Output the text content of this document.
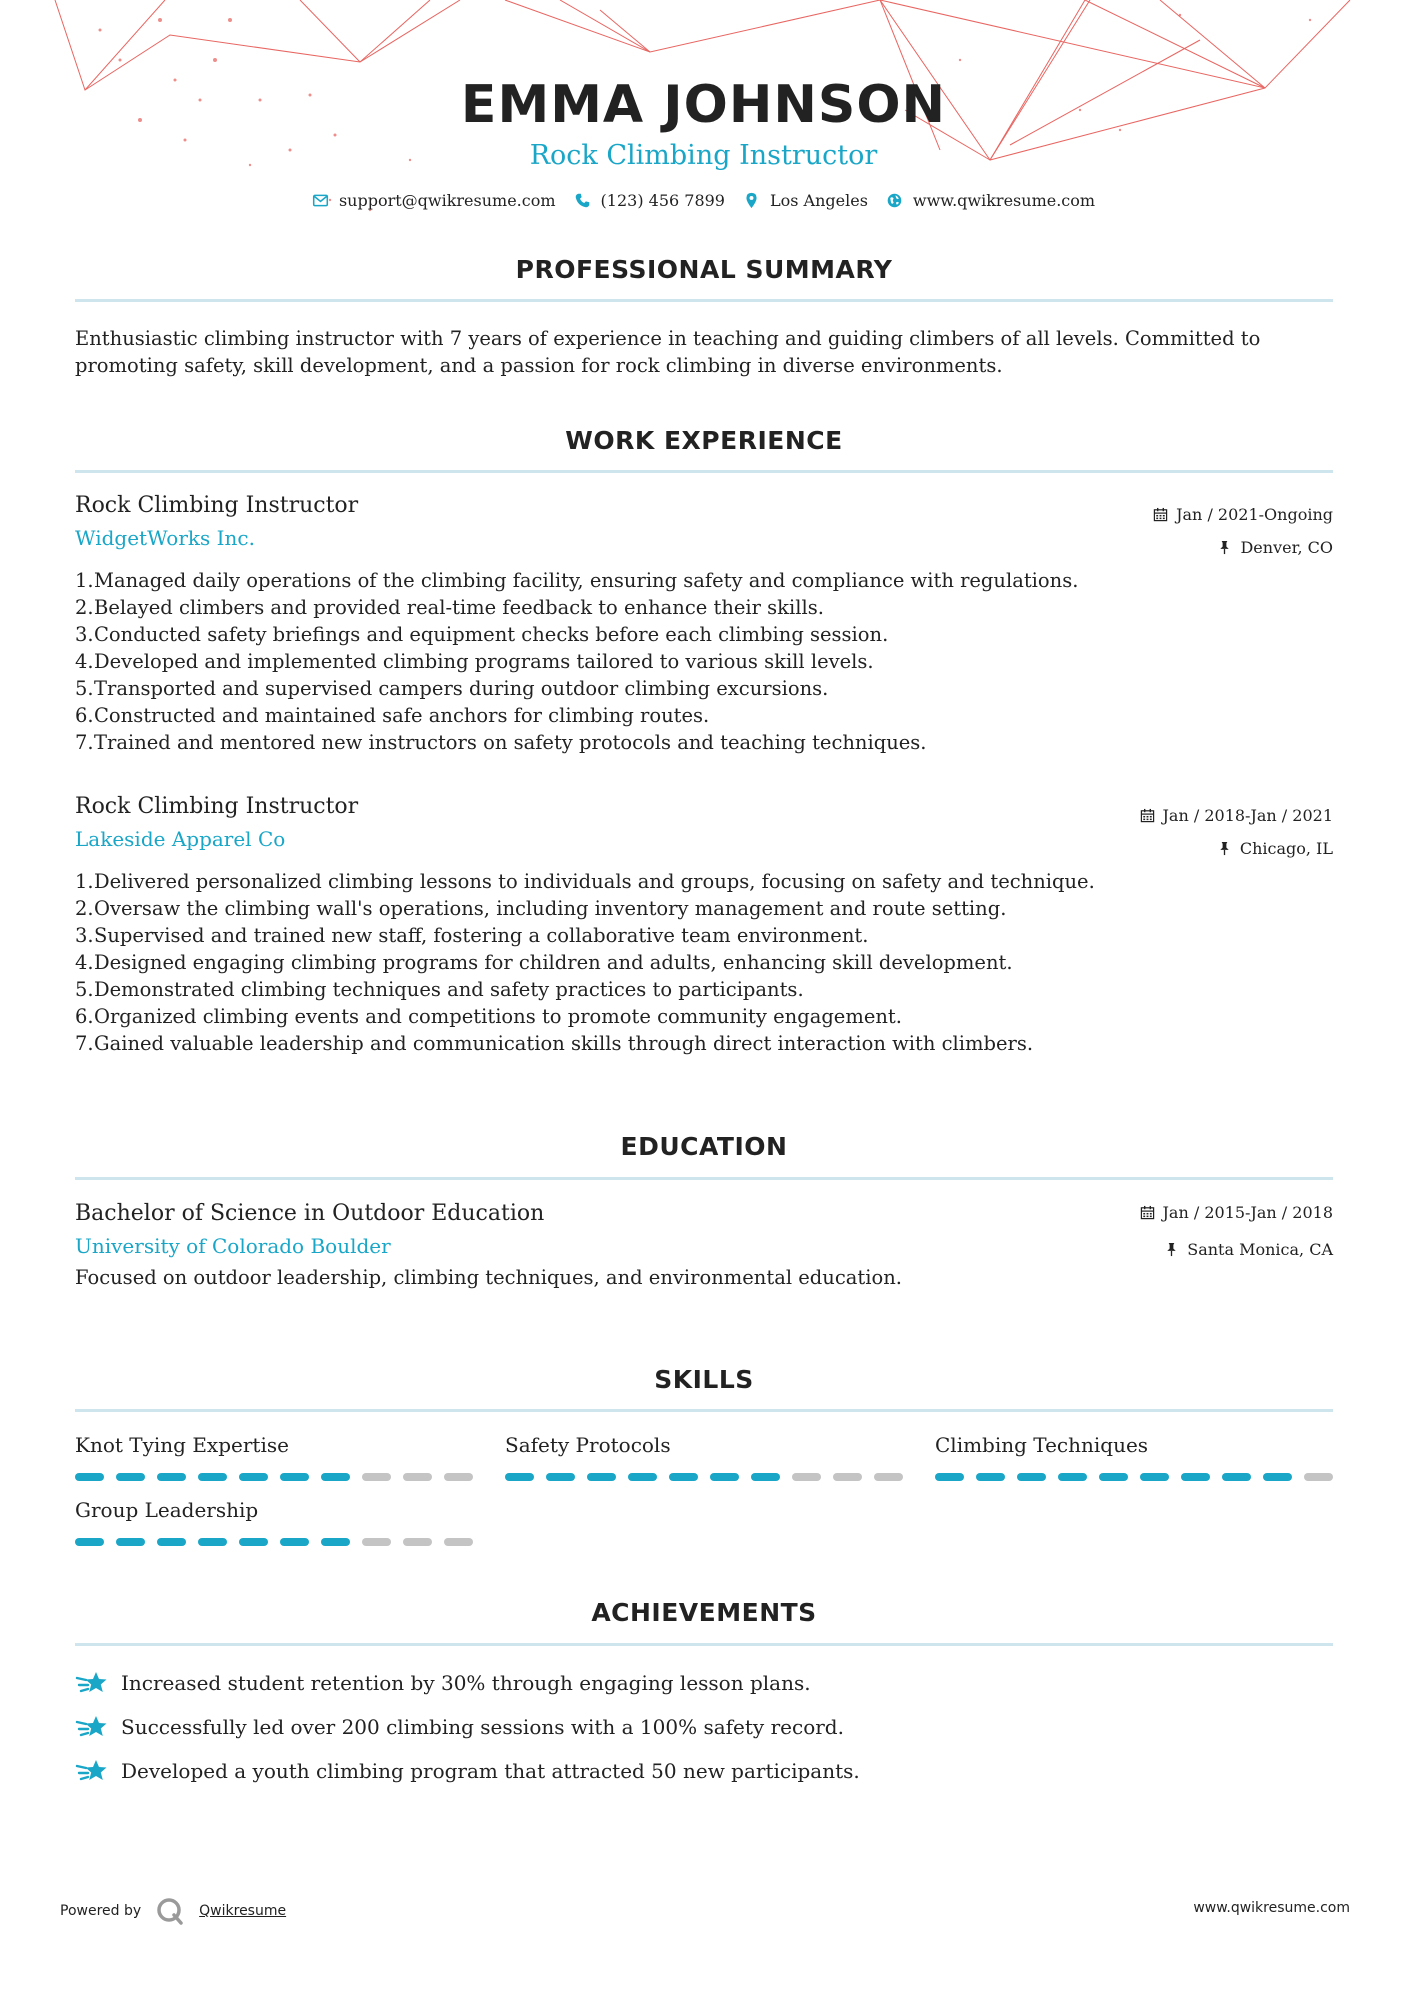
EMMA JOHNSON
Rock Climbing Instructor
support@qwikresume.com	(123) 456 7899	Los Angeles	www.qwikresume.com
PROFESSIONAL SUMMARY
Enthusiastic climbing instructor with 7 years of experience in teaching and guiding climbers of all levels. Committed to promoting safety, skill development, and a passion for rock climbing in diverse environments.
WORK EXPERIENCE
Rock Climbing Instructor
WidgetWorks Inc.
Jan / 2021-Ongoing
Denver, CO
1. Managed daily operations of the climbing facility, ensuring safety and compliance with regulations.
2. Belayed climbers and provided real-time feedback to enhance their skills.
3. Conducted safety briefings and equipment checks before each climbing session.
4. Developed and implemented climbing programs tailored to various skill levels.
5. Transported and supervised campers during outdoor climbing excursions.
6. Constructed and maintained safe anchors for climbing routes.
7. Trained and mentored new instructors on safety protocols and teaching techniques.
Rock Climbing Instructor
Lakeside Apparel Co
Jan / 2018-Jan / 2021
Chicago, IL
1. Delivered personalized climbing lessons to individuals and groups, focusing on safety and technique.
2. Oversaw the climbing wall's operations, including inventory management and route setting.
3. Supervised and trained new staff, fostering a collaborative team environment.
4. Designed engaging climbing programs for children and adults, enhancing skill development.
5. Demonstrated climbing techniques and safety practices to participants.
6. Organized climbing events and competitions to promote community engagement.
7. Gained valuable leadership and communication skills through direct interaction with climbers.
EDUCATION
Bachelor of Science in Outdoor Education
University of Colorado Boulder
Jan / 2015-Jan / 2018
Santa Monica, CA
Focused on outdoor leadership, climbing techniques, and environmental education.
SKILLS
Knot Tying Expertise	Safety Protocols	Climbing Techniques
Group Leadership
ACHIEVEMENTS
Increased student retention by 30% through engaging lesson plans.
Successfully led over 200 climbing sessions with a 100% safety record.
Developed a youth climbing program that attracted 50 new participants.
Powered by	Qwikresume	www.qwikresume.com
